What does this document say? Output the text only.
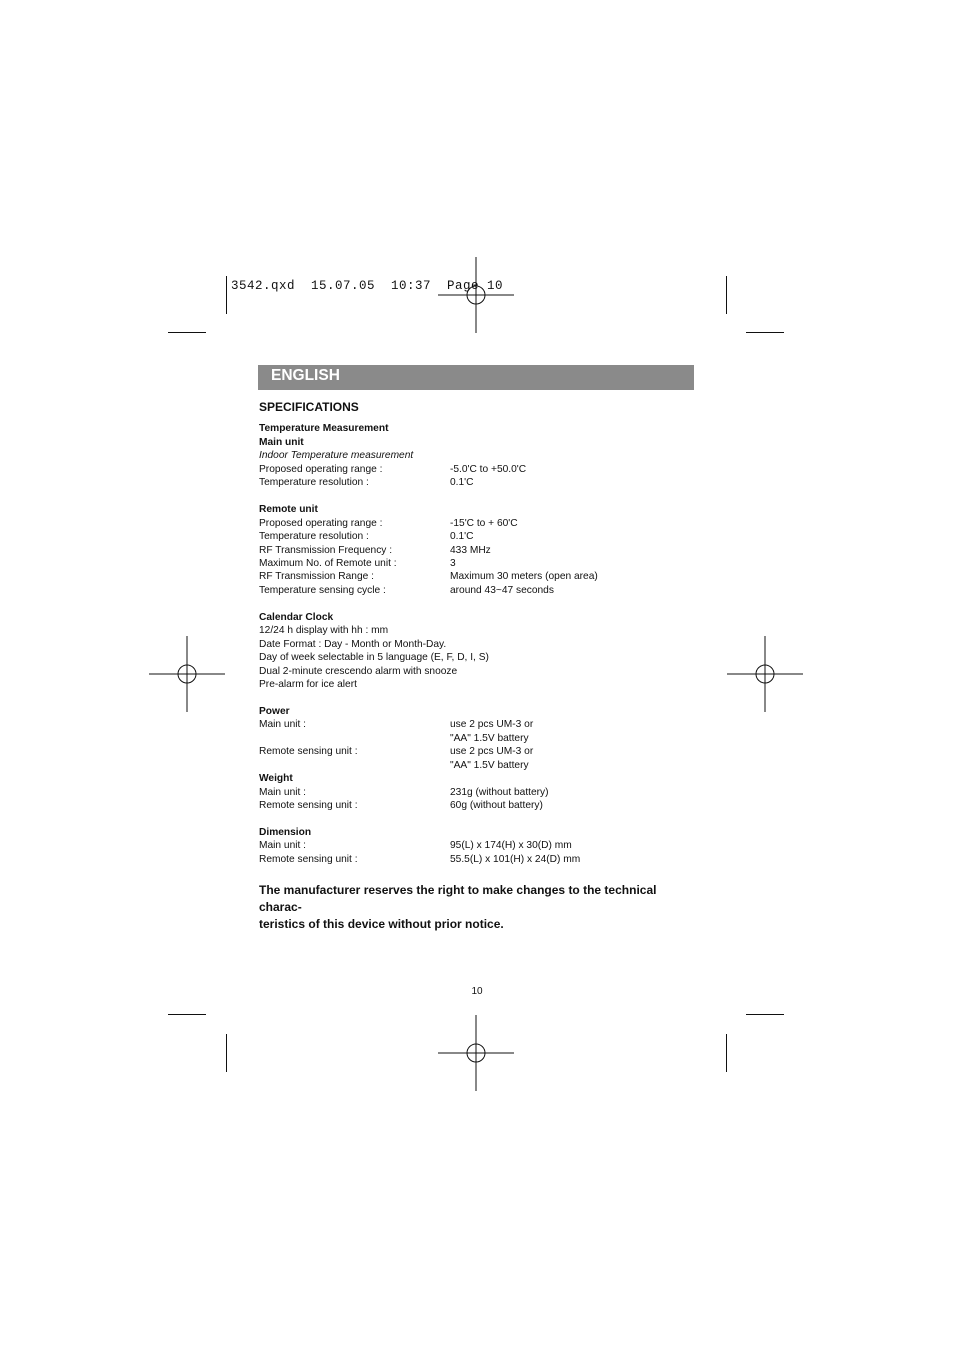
3542.qxd  15.07.05  10:37  Page 10
ENGLISH
SPECIFICATIONS
Temperature Measurement
Main unit
Indoor Temperature measurement
Proposed operating range :	-5.0'C to +50.0'C
Temperature resolution :	0.1'C
Remote unit
Proposed operating range :	-15'C to + 60'C
Temperature resolution :	0.1'C
RF Transmission Frequency :	433 MHz
Maximum No. of Remote unit :	3
RF Transmission Range :	Maximum 30 meters (open area)
Temperature sensing cycle :	around 43~47 seconds
Calendar Clock
12/24 h display with hh : mm
Date Format : Day - Month or Month-Day.
Day of week selectable in 5 language (E, F, D, I, S)
Dual 2-minute crescendo alarm with snooze
Pre-alarm for ice alert
Power
Main unit :	use 2 pcs UM-3 or
"AA" 1.5V battery
Remote sensing unit :	use 2 pcs UM-3 or
"AA" 1.5V battery
Weight
Main unit :	231g (without battery)
Remote sensing unit :	60g (without battery)
Dimension
Main unit :	95(L) x 174(H) x 30(D) mm
Remote sensing unit :	55.5(L) x 101(H) x 24(D) mm
The manufacturer reserves the right to make changes to the technical charac-
teristics of this device without prior notice.
10
